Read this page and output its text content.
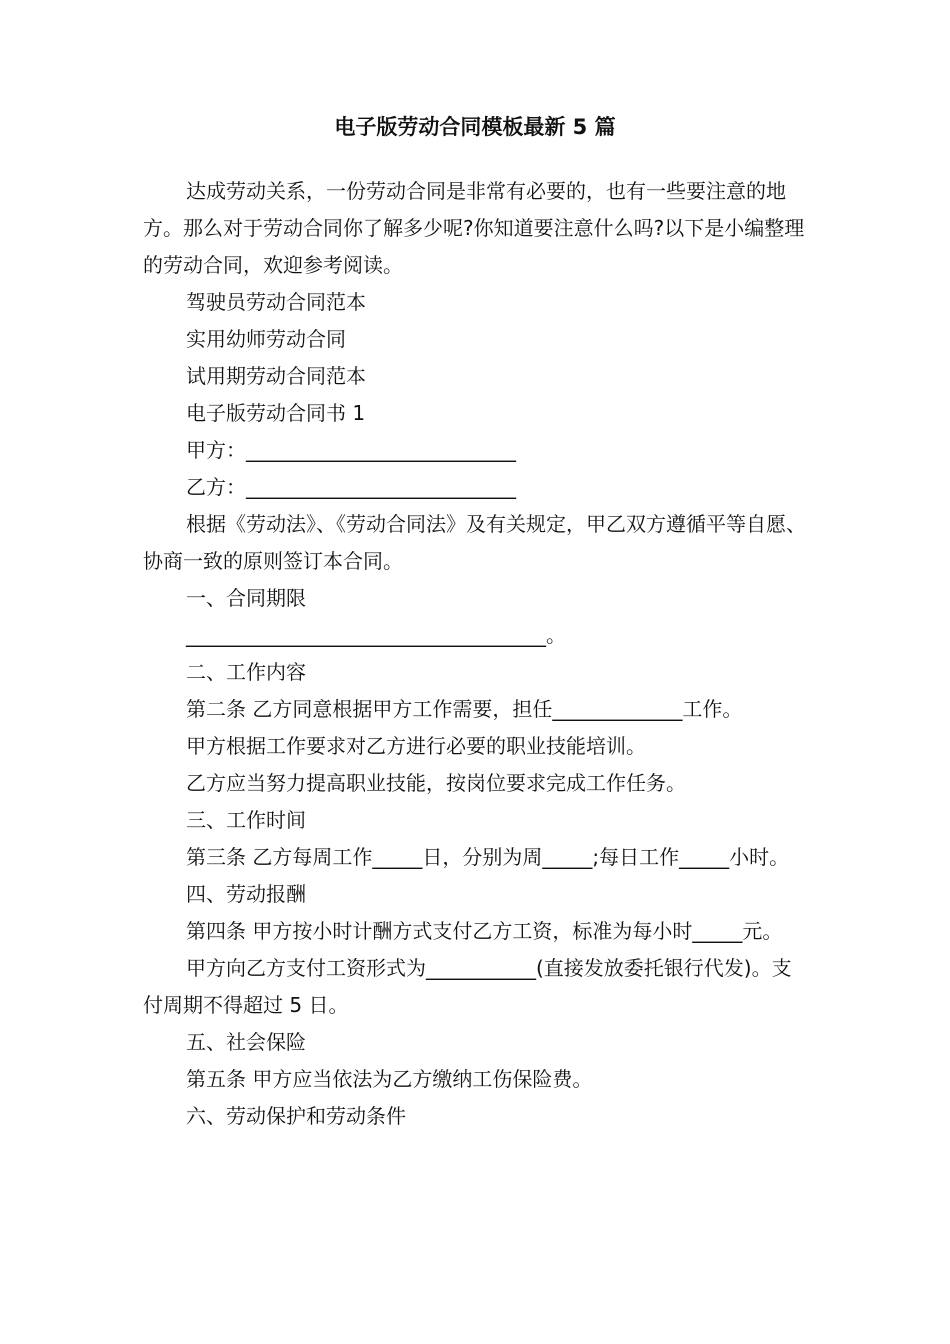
电子版劳动合同模板最新 5 篇

达成劳动关系，一份劳动合同是非常有必要的，也有一些要注意的地方。那么对于劳动合同你了解多少呢?你知道要注意什么吗?以下是小编整理的劳动合同，欢迎参考阅读。

驾驶员劳动合同范本

实用幼师劳动合同

试用期劳动合同范本

电子版劳动合同书 1

甲方：___________________________

乙方：___________________________

根据《劳动法》、《劳动合同法》及有关规定，甲乙双方遵循平等自愿、协商一致的原则签订本合同。

一、合同期限

____________________________________。

二、工作内容

第二条 乙方同意根据甲方工作需要，担任_____________工作。

甲方根据工作要求对乙方进行必要的职业技能培训。

乙方应当努力提高职业技能，按岗位要求完成工作任务。

三、工作时间

第三条 乙方每周工作_____日，分别为周_____;每日工作_____小时。

四、劳动报酬

第四条 甲方按小时计酬方式支付乙方工资，标准为每小时_____元。

甲方向乙方支付工资形式为___________(直接发放委托银行代发)。支付周期不得超过 5 日。

五、社会保险

第五条 甲方应当依法为乙方缴纳工伤保险费。

六、劳动保护和劳动条件
